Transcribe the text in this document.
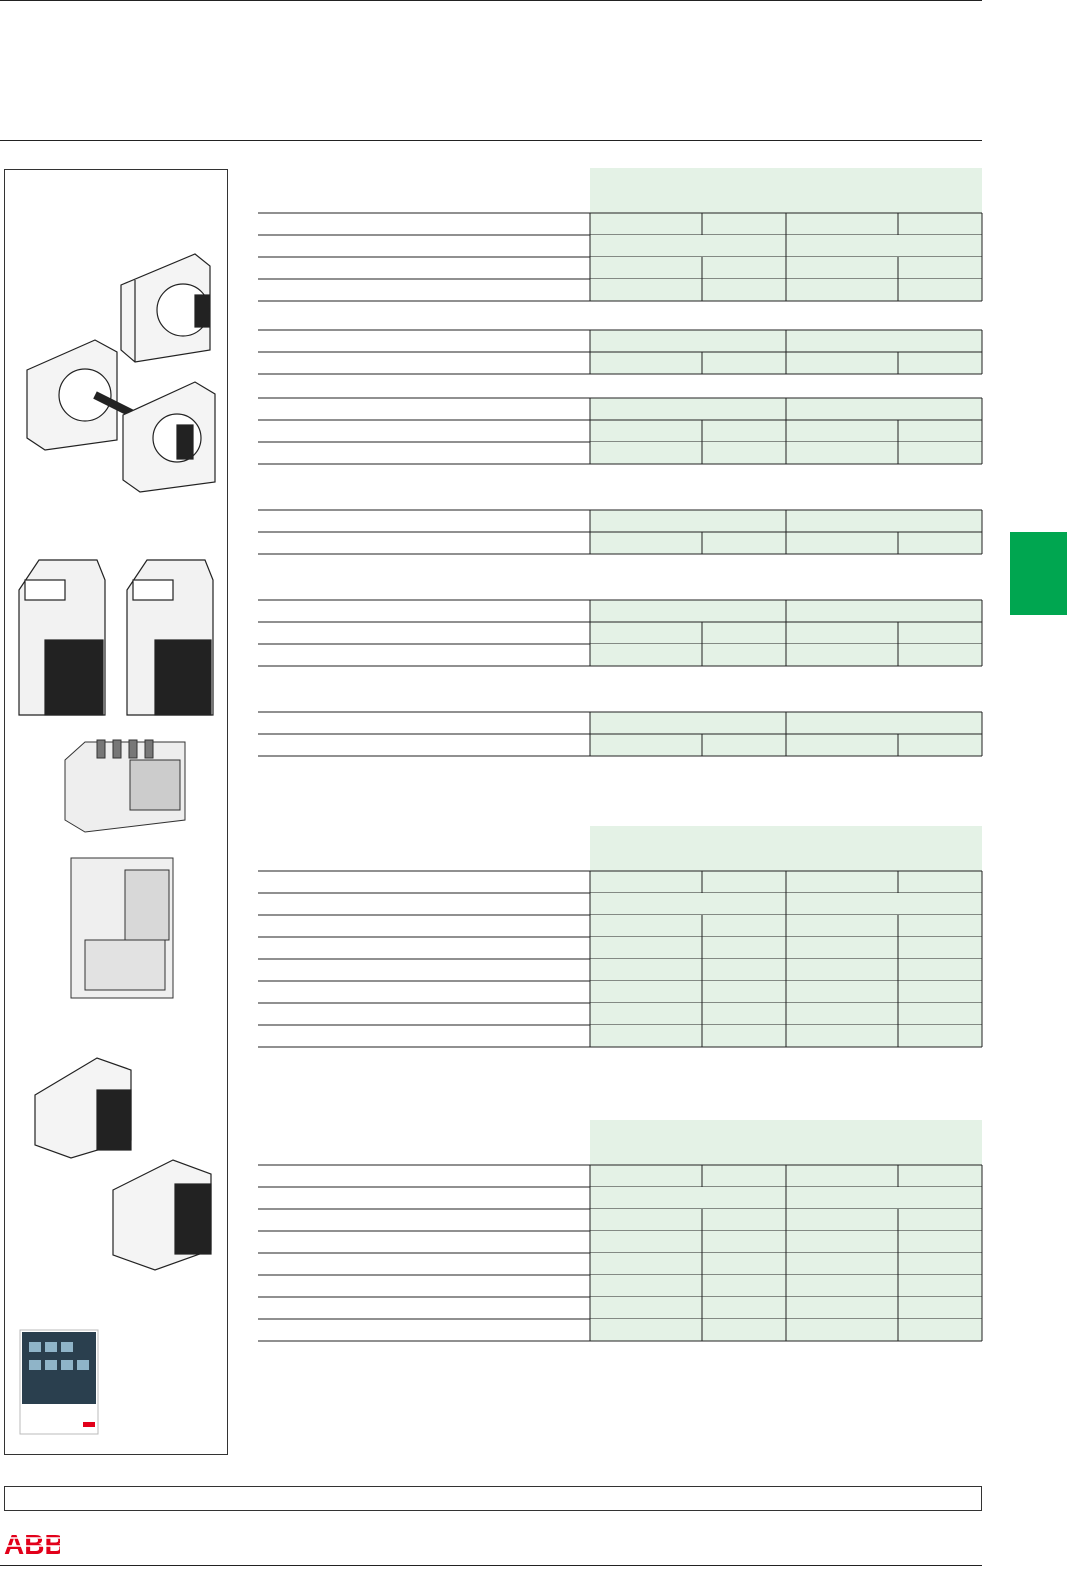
ABB
